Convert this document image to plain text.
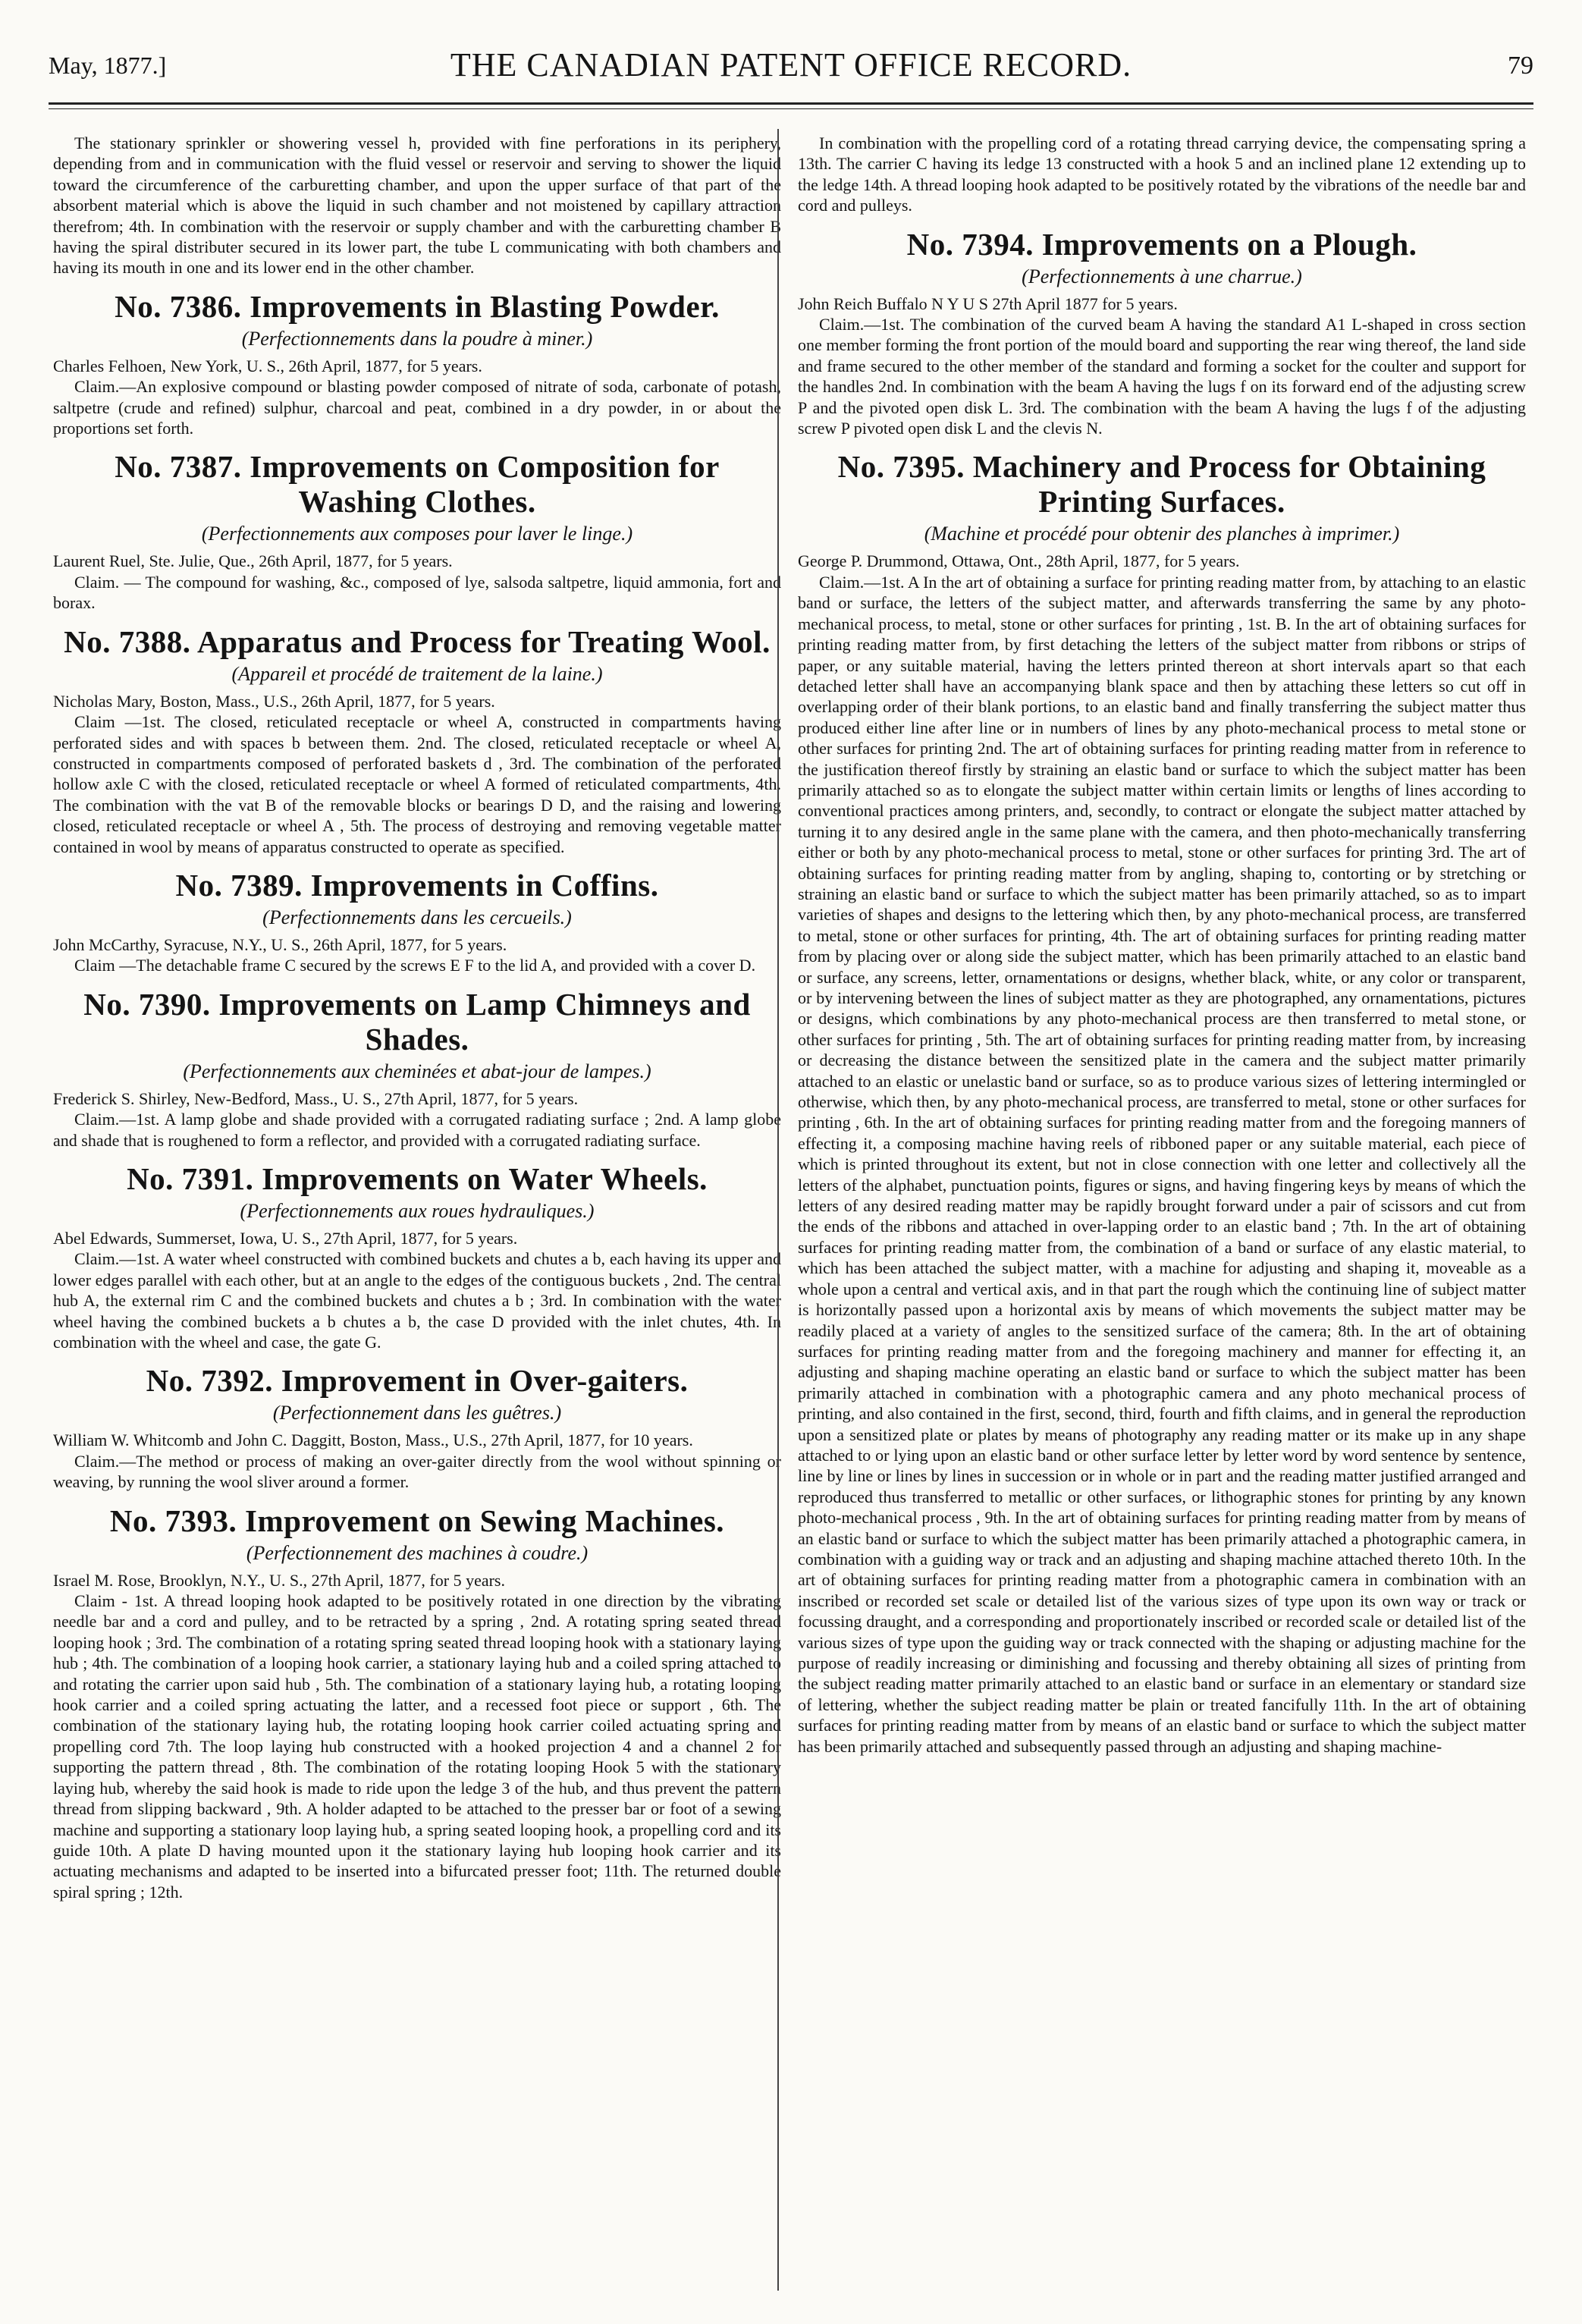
May, 1877.]	THE CANADIAN PATENT OFFICE RECORD.	79

The stationary sprinkler or showering vessel h, provided with fine perforations in its periphery, depending from and in communication with the fluid vessel or reservoir and serving to shower the liquid toward the circumference of the carburetting chamber, and upon the upper surface of that part of the absorbent material which is above the liquid in such chamber and not moistened by capillary attraction therefrom; 4th. In combination with the reservoir or supply chamber and with the carburetting chamber B having the spiral distributer secured in its lower part, the tube L communicating with both chambers and having its mouth in one and its lower end in the other chamber.

No. 7386. Improvements in Blasting Powder.
(Perfectionnements dans la poudre à miner.)

Charles Felhoen, New York, U. S., 26th April, 1877, for 5 years.

Claim.—An explosive compound or blasting powder composed of nitrate of soda, carbonate of potash, saltpetre (crude and refined) sulphur, charcoal and peat, combined in a dry powder, in or about the proportions set forth.

No. 7387. Improvements on Composition for Washing Clothes.
(Perfectionnements aux composes pour laver le linge.)

Laurent Ruel, Ste. Julie, Que., 26th April, 1877, for 5 years.

Claim. — The compound for washing, &c., composed of lye, salsoda saltpetre, liquid ammonia, fort and borax.

No. 7388. Apparatus and Process for Treating Wool.
(Appareil et procédé de traitement de la laine.)

Nicholas Mary, Boston, Mass., U.S., 26th April, 1877, for 5 years.

Claim —1st. The closed, reticulated receptacle or wheel A, constructed in compartments having perforated sides and with spaces b between them. 2nd. The closed, reticulated receptacle or wheel A, constructed in compartments composed of perforated baskets d , 3rd. The combination of the perforated hollow axle C with the closed, reticulated receptacle or wheel A formed of reticulated compartments, 4th. The combination with the vat B of the removable blocks or bearings D D, and the raising and lowering closed, reticulated receptacle or wheel A , 5th. The process of destroying and removing vegetable matter contained in wool by means of apparatus constructed to operate as specified.

No. 7389. Improvements in Coffins.
(Perfectionnements dans les cercueils.)

John McCarthy, Syracuse, N.Y., U. S., 26th April, 1877, for 5 years.

Claim —The detachable frame C secured by the screws E F to the lid A, and provided with a cover D.

No. 7390. Improvements on Lamp Chimneys and Shades.
(Perfectionnements aux cheminées et abat-jour de lampes.)

Frederick S. Shirley, New-Bedford, Mass., U. S., 27th April, 1877, for 5 years.

Claim.—1st. A lamp globe and shade provided with a corrugated radiating surface ; 2nd. A lamp globe and shade that is roughened to form a reflector, and provided with a corrugated radiating surface.

No. 7391. Improvements on Water Wheels.
(Perfectionnements aux roues hydrauliques.)

Abel Edwards, Summerset, Iowa, U. S., 27th April, 1877, for 5 years.

Claim.—1st. A water wheel constructed with combined buckets and chutes a b, each having its upper and lower edges parallel with each other, but at an angle to the edges of the contiguous buckets , 2nd. The central hub A, the external rim C and the combined buckets and chutes a b ; 3rd. In combination with the water wheel having the combined buckets a b chutes a b, the case D provided with the inlet chutes, 4th. In combination with the wheel and case, the gate G.

No. 7392. Improvement in Over-gaiters.
(Perfectionnement dans les guêtres.)

William W. Whitcomb and John C. Daggitt, Boston, Mass., U.S., 27th April, 1877, for 10 years.

Claim.—The method or process of making an over-gaiter directly from the wool without spinning or weaving, by running the wool sliver around a former.

No. 7393. Improvement on Sewing Machines.
(Perfectionnement des machines à coudre.)

Israel M. Rose, Brooklyn, N.Y., U. S., 27th April, 1877, for 5 years.

Claim - 1st. A thread looping hook adapted to be positively rotated in one direction by the vibrating needle bar and a cord and pulley, and to be retracted by a spring , 2nd. A rotating spring seated thread looping hook ; 3rd. The combination of a rotating spring seated thread looping hook with a stationary laying hub ; 4th. The combination of a looping hook carrier, a stationary laying hub and a coiled spring attached to and rotating the carrier upon said hub , 5th. The combination of a stationary laying hub, a rotating looping hook carrier and a coiled spring actuating the latter, and a recessed foot piece or support , 6th. The combination of the stationary laying hub, the rotating looping hook carrier coiled actuating spring and propelling cord 7th. The loop laying hub constructed with a hooked projection 4 and a channel 2 for supporting the pattern thread , 8th. The combination of the rotating looping Hook 5 with the stationary laying hub, whereby the said hook is made to ride upon the ledge 3 of the hub, and thus prevent the pattern thread from slipping backward , 9th. A holder adapted to be attached to the presser bar or foot of a sewing machine and supporting a stationary loop laying hub, a spring seated looping hook, a propelling cord and its guide 10th. A plate D having mounted upon it the stationary laying hub looping hook carrier and its actuating mechanisms and adapted to be inserted into a bifurcated presser foot; 11th. The returned double spiral spring ; 12th.

In combination with the propelling cord of a rotating thread carrying device, the compensating spring a 13th. The carrier C having its ledge 13 constructed with a hook 5 and an inclined plane 12 extending up to the ledge 14th. A thread looping hook adapted to be positively rotated by the vibrations of the needle bar and cord and pulleys.

No. 7394. Improvements on a Plough.
(Perfectionnements à une charrue.)

John Reich Buffalo N Y U S 27th April 1877 for 5 years.

Claim.—1st. The combination of the curved beam A having the standard A1 L-shaped in cross section one member forming the front portion of the mould board and supporting the rear wing thereof, the land side and frame secured to the other member of the standard and forming a socket for the coulter and support for the handles 2nd. In combination with the beam A having the lugs f on its forward end of the adjusting screw P and the pivoted open disk L. 3rd. The combination with the beam A having the lugs f of the adjusting screw P pivoted open disk L and the clevis N.

No. 7395. Machinery and Process for Obtaining Printing Surfaces.
(Machine et procédé pour obtenir des planches à imprimer.)

George P. Drummond, Ottawa, Ont., 28th April, 1877, for 5 years.

Claim.—1st. A In the art of obtaining a surface for printing reading matter from, by attaching to an elastic band or surface, the letters of the subject matter, and afterwards transferring the same by any photo-mechanical process, to metal, stone or other surfaces for printing , 1st. B. In the art of obtaining surfaces for printing reading matter from, by first detaching the letters of the subject matter from ribbons or strips of paper, or any suitable material, having the letters printed thereon at short intervals apart so that each detached letter shall have an accompanying blank space and then by attaching these letters so cut off in overlapping order of their blank portions, to an elastic band and finally transferring the subject matter thus produced either line after line or in numbers of lines by any photo-mechanical process to metal stone or other surfaces for printing 2nd. The art of obtaining surfaces for printing reading matter from in reference to the justification thereof firstly by straining an elastic band or surface to which the subject matter has been primarily attached so as to elongate the subject matter within certain limits or lengths of lines according to conventional practices among printers, and, secondly, to contract or elongate the subject matter attached by turning it to any desired angle in the same plane with the camera, and then photo-mechanically transferring either or both by any photo-mechanical process to metal, stone or other surfaces for printing 3rd. The art of obtaining surfaces for printing reading matter from by angling, shaping to, contorting or by stretching or straining an elastic band or surface to which the subject matter has been primarily attached, so as to impart varieties of shapes and designs to the lettering which then, by any photo-mechanical process, are transferred to metal, stone or other surfaces for printing, 4th. The art of obtaining surfaces for printing reading matter from by placing over or along side the subject matter, which has been primarily attached to an elastic band or surface, any screens, letter, ornamentations or designs, whether black, white, or any color or transparent, or by intervening between the lines of subject matter as they are photographed, any ornamentations, pictures or designs, which combinations by any photo-mechanical process are then transferred to metal stone, or other surfaces for printing , 5th. The art of obtaining surfaces for printing reading matter from, by increasing or decreasing the distance between the sensitized plate in the camera and the subject matter primarily attached to an elastic or unelastic band or surface, so as to produce various sizes of lettering intermingled or otherwise, which then, by any photo-mechanical process, are transferred to metal, stone or other surfaces for printing , 6th. In the art of obtaining surfaces for printing reading matter from and the foregoing manners of effecting it, a composing machine having reels of ribboned paper or any suitable material, each piece of which is printed throughout its extent, but not in close connection with one letter and collectively all the letters of the alphabet, punctuation points, figures or signs, and having fingering keys by means of which the letters of any desired reading matter may be rapidly brought forward under a pair of scissors and cut from the ends of the ribbons and attached in over-lapping order to an elastic band ; 7th. In the art of obtaining surfaces for printing reading matter from, the combination of a band or surface of any elastic material, to which has been attached the subject matter, with a machine for adjusting and shaping it, moveable as a whole upon a central and vertical axis, and in that part the rough which the continuing line of subject matter is horizontally passed upon a horizontal axis by means of which movements the subject matter may be readily placed at a variety of angles to the sensitized surface of the camera; 8th. In the art of obtaining surfaces for printing reading matter from and the foregoing machinery and manner for effecting it, an adjusting and shaping machine operating an elastic band or surface to which the subject matter has been primarily attached in combination with a photographic camera and any photo mechanical process of printing, and also contained in the first, second, third, fourth and fifth claims, and in general the reproduction upon a sensitized plate or plates by means of photography any reading matter or its make up in any shape attached to or lying upon an elastic band or other surface letter by letter word by word sentence by sentence, line by line or lines by lines in succession or in whole or in part and the reading matter justified arranged and reproduced thus transferred to metallic or other surfaces, or lithographic stones for printing by any known photo-mechanical process , 9th. In the art of obtaining surfaces for printing reading matter from by means of an elastic band or surface to which the subject matter has been primarily attached a photographic camera, in combination with a guiding way or track and an adjusting and shaping machine attached thereto 10th. In the art of obtaining surfaces for printing reading matter from a photographic camera in combination with an inscribed or recorded set scale or detailed list of the various sizes of type upon its own way or track or focussing draught, and a corresponding and proportionately inscribed or recorded scale or detailed list of the various sizes of type upon the guiding way or track connected with the shaping or adjusting machine for the purpose of readily increasing or diminishing and focussing and thereby obtaining all sizes of printing from the subject reading matter primarily attached to an elastic band or surface in an elementary or standard size of lettering, whether the subject reading matter be plain or treated fancifully 11th. In the art of obtaining surfaces for printing reading matter from by means of an elastic band or surface to which the subject matter has been primarily attached and subsequently passed through an adjusting and shaping machine-
